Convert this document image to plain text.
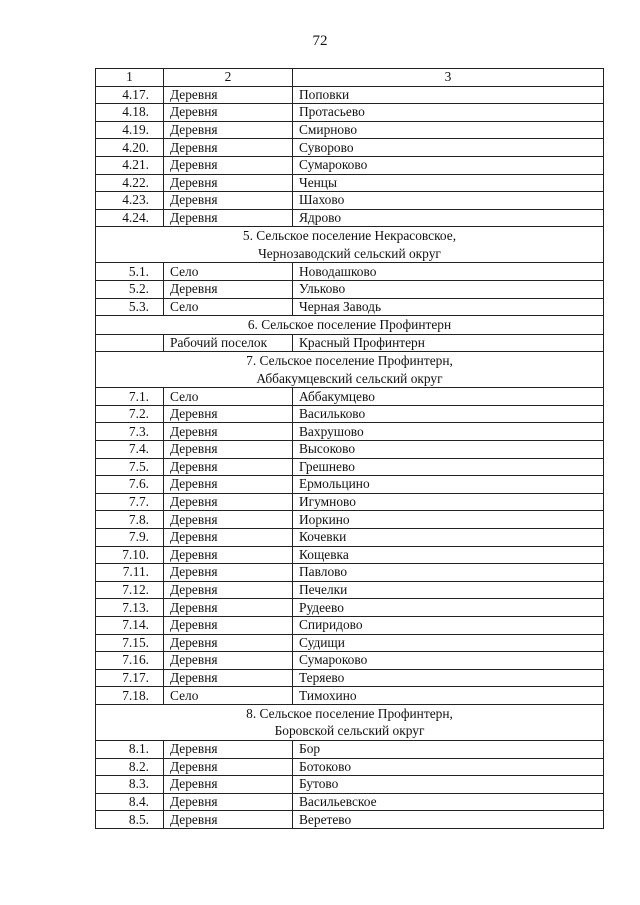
72
1	2	3
4.17.	Деревня	Поповки
4.18.	Деревня	Протасьево
4.19.	Деревня	Смирново
4.20.	Деревня	Суворово
4.21.	Деревня	Сумароково
4.22.	Деревня	Ченцы
4.23.	Деревня	Шахово
4.24.	Деревня	Ядрово

5. Сельское поселение Некрасовское,
Чернозаводский сельский округ		

5.1.	Село	Новодашково
5.2.	Деревня	Ульково
5.3.	Село	Черная Заводь

6. Сельское поселение Профинтерн		

	Рабочий поселок	Красный Профинтерн

7. Сельское поселение Профинтерн,
Аббакумцевский сельский округ		

7.1.	Село	Аббакумцево
7.2.	Деревня	Васильково
7.3.	Деревня	Вахрушово
7.4.	Деревня	Высоково
7.5.	Деревня	Грешнево
7.6.	Деревня	Ермольцино
7.7.	Деревня	Игумново
7.8.	Деревня	Иоркино
7.9.	Деревня	Кочевки
7.10.	Деревня	Кощевка
7.11.	Деревня	Павлово
7.12.	Деревня	Печелки
7.13.	Деревня	Рудеево
7.14.	Деревня	Спиридово
7.15.	Деревня	Судищи
7.16.	Деревня	Сумароково
7.17.	Деревня	Теряево
7.18.	Село	Тимохино

8. Сельское поселение Профинтерн,
Боровской сельский округ		

8.1.	Деревня	Бор
8.2.	Деревня	Ботоково
8.3.	Деревня	Бутово
8.4.	Деревня	Васильевское
8.5.	Деревня	Веретево
